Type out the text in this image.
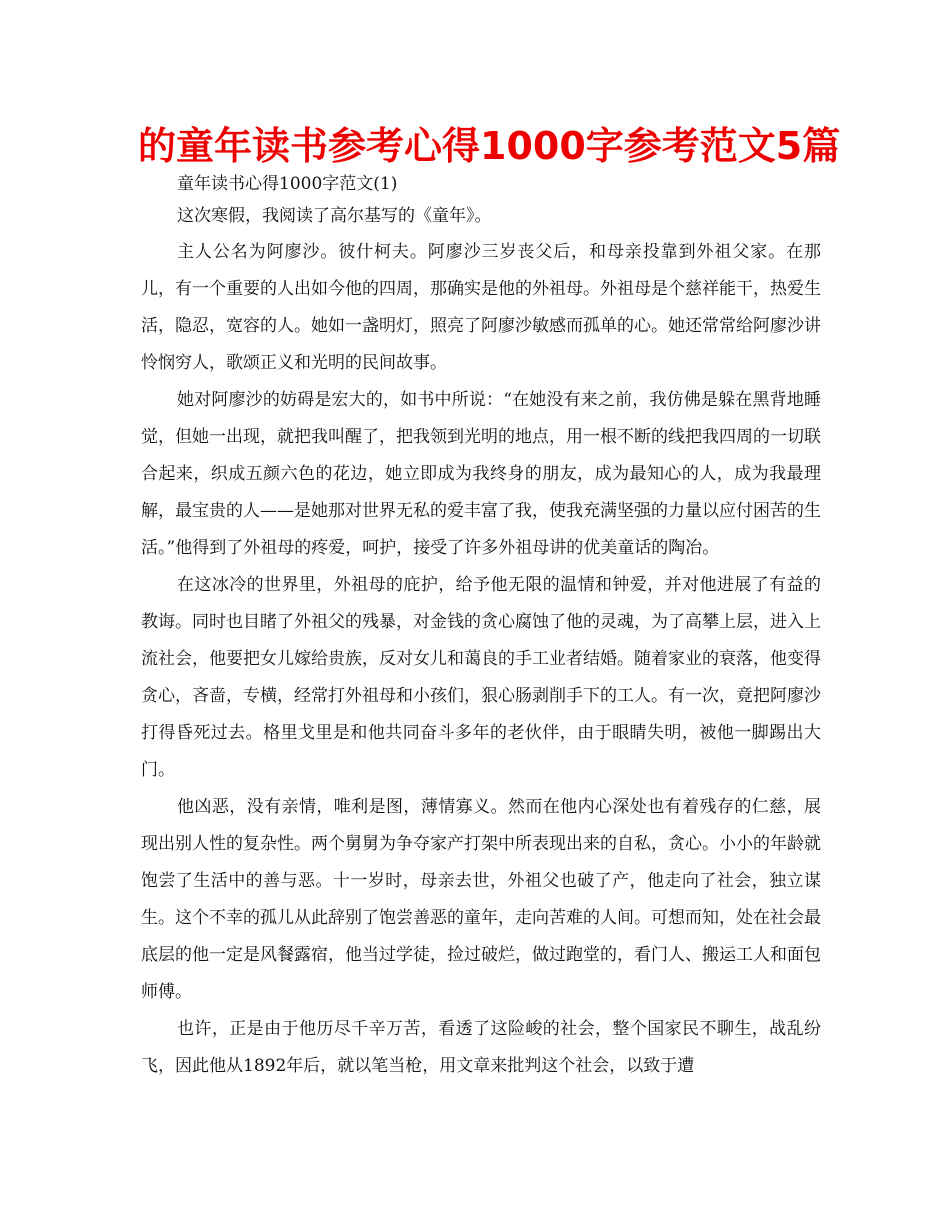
的童年读书参考心得1000字参考范文5篇

童年读书心得1000字范文(1)

这次寒假，我阅读了高尔基写的《童年》。

主人公名为阿廖沙。彼什柯夫。阿廖沙三岁丧父后，和母亲投靠到外祖父家。在那儿，有一个重要的人出如今他的四周，那确实是他的外祖母。外祖母是个慈祥能干，热爱生活，隐忍，宽容的人。她如一盏明灯，照亮了阿廖沙敏感而孤单的心。她还常常给阿廖沙讲怜悯穷人，歌颂正义和光明的民间故事。

她对阿廖沙的妨碍是宏大的，如书中所说：“在她没有来之前，我仿佛是躲在黑背地睡觉，但她一出现，就把我叫醒了，把我领到光明的地点，用一根不断的线把我四周的一切联合起来，织成五颜六色的花边，她立即成为我终身的朋友，成为最知心的人，成为我最理解，最宝贵的人——是她那对世界无私的爱丰富了我，使我充满坚强的力量以应付困苦的生活。”他得到了外祖母的疼爱，呵护，接受了许多外祖母讲的优美童话的陶冶。

在这冰冷的世界里，外祖母的庇护，给予他无限的温情和钟爱，并对他进展了有益的教诲。同时也目睹了外祖父的残暴，对金钱的贪心腐蚀了他的灵魂，为了高攀上层，进入上流社会，他要把女儿嫁给贵族，反对女儿和蔼良的手工业者结婚。随着家业的衰落，他变得贪心，吝啬，专横，经常打外祖母和小孩们，狠心肠剥削手下的工人。有一次，竟把阿廖沙打得昏死过去。格里戈里是和他共同奋斗多年的老伙伴，由于眼睛失明，被他一脚踢出大门。

他凶恶，没有亲情，唯利是图，薄情寡义。然而在他内心深处也有着残存的仁慈，展现出别人性的复杂性。两个舅舅为争夺家产打架中所表现出来的自私，贪心。小小的年龄就饱尝了生活中的善与恶。十一岁时，母亲去世，外祖父也破了产，他走向了社会，独立谋生。这个不幸的孤儿从此辞别了饱尝善恶的童年，走向苦难的人间。可想而知，处在社会最底层的他一定是风餐露宿，他当过学徒，捡过破烂，做过跑堂的，看门人、搬运工人和面包师傅。

也许，正是由于他历尽千辛万苦，看透了这险峻的社会，整个国家民不聊生，战乱纷飞，因此他从1892年后，就以笔当枪，用文章来批判这个社会，以致于遭
